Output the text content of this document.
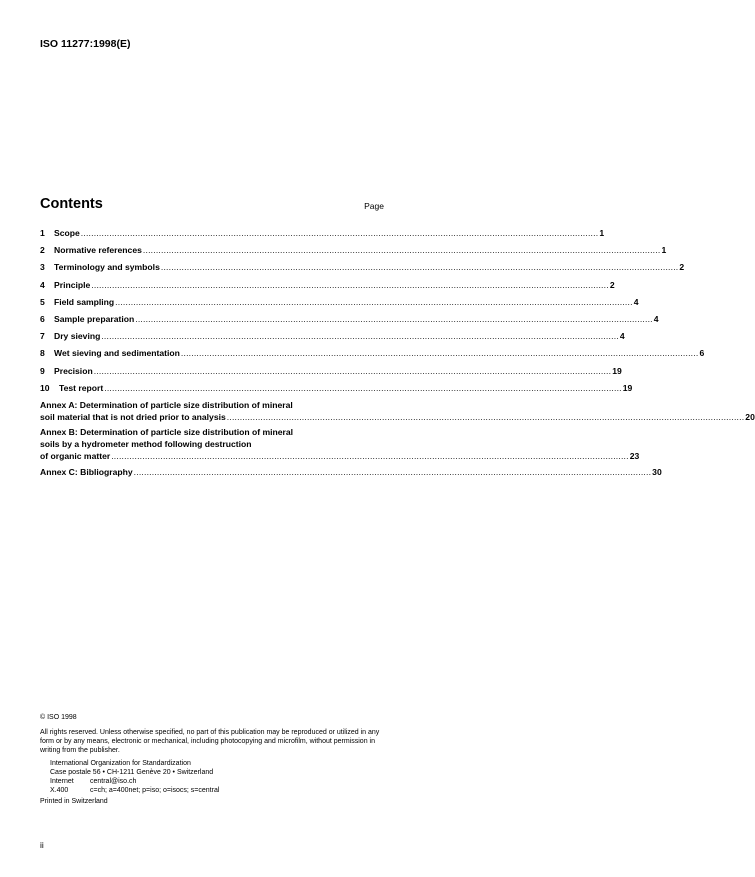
ISO 11277:1998(E)
Contents	Page
1 Scope ........................................................................................................................................................................................................ 1
2 Normative references ........................................................................................................................................................................................................ 1
3 Terminology and symbols ........................................................................................................................................................................................................ 2
4 Principle ........................................................................................................................................................................................................ 2
5 Field sampling ........................................................................................................................................................................................................ 4
6 Sample preparation ........................................................................................................................................................................................................ 4
7 Dry sieving ........................................................................................................................................................................................................ 4
8 Wet sieving and sedimentation ........................................................................................................................................................................................................ 6
9 Precision ........................................................................................................................................................................................................ 19
10 Test report ........................................................................................................................................................................................................ 19
Annex A: Determination of particle size distribution of mineral
soil material that is not dried prior to analysis ........................................................................................................................................................................................................ 20
Annex B: Determination of particle size distribution of mineral
soils by a hydrometer method following destruction
of organic matter ........................................................................................................................................................................................................ 23
Annex C: Bibliography ........................................................................................................................................................................................................ 30
© ISO 1998
All rights reserved. Unless otherwise specified, no part of this publication may be reproduced or utilized in any form or by any means, electronic or mechanical, including photocopying and microfilm, without permission in writing from the publisher.
International Organization for Standardization
Case postale 56 • CH-1211 Genève 20 • Switzerland
Internet	central@iso.ch
X.400	c=ch; a=400net; p=iso; o=isocs; s=central
Printed in Switzerland
ii
